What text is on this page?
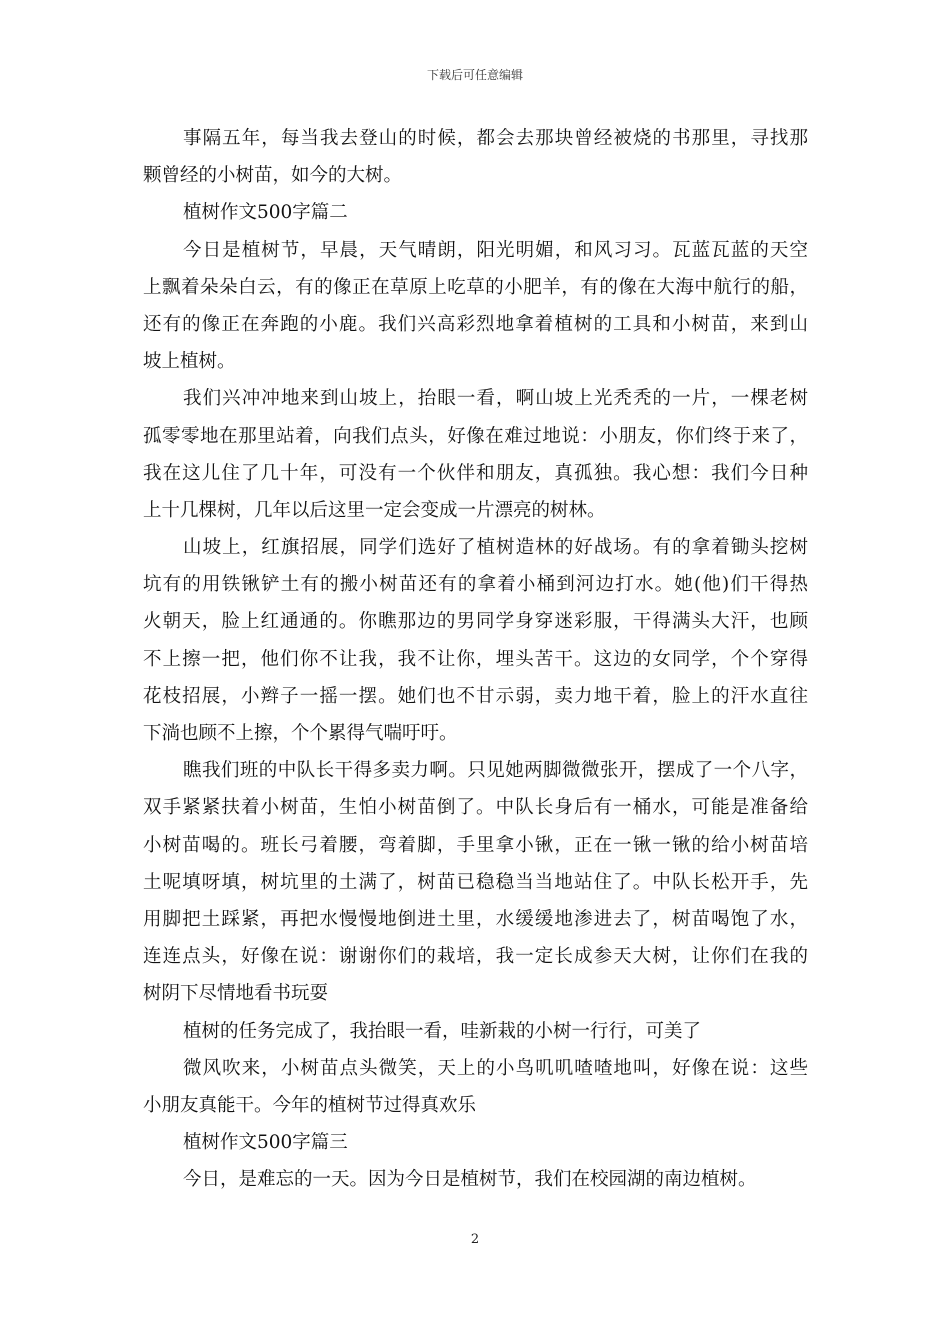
下载后可任意编辑
事隔五年，每当我去登山的时候，都会去那块曾经被烧的书那里，寻找那
颗曾经的小树苗，如今的大树。
植树作文500字篇二
今日是植树节，早晨，天气晴朗，阳光明媚，和风习习。瓦蓝瓦蓝的天空
上飘着朵朵白云，有的像正在草原上吃草的小肥羊，有的像在大海中航行的船，
还有的像正在奔跑的小鹿。我们兴高彩烈地拿着植树的工具和小树苗，来到山
坡上植树。
我们兴冲冲地来到山坡上，抬眼一看，啊山坡上光秃秃的一片，一棵老树
孤零零地在那里站着，向我们点头，好像在难过地说：小朋友，你们终于来了，
我在这儿住了几十年，可没有一个伙伴和朋友，真孤独。我心想：我们今日种
上十几棵树，几年以后这里一定会变成一片漂亮的树林。
山坡上，红旗招展，同学们选好了植树造林的好战场。有的拿着锄头挖树
坑有的用铁锹铲土有的搬小树苗还有的拿着小桶到河边打水。她(他)们干得热
火朝天，脸上红通通的。你瞧那边的男同学身穿迷彩服，干得满头大汗，也顾
不上擦一把，他们你不让我，我不让你，埋头苦干。这边的女同学，个个穿得
花枝招展，小辫子一摇一摆。她们也不甘示弱，卖力地干着，脸上的汗水直往
下淌也顾不上擦，个个累得气喘吁吁。
瞧我们班的中队长干得多卖力啊。只见她两脚微微张开，摆成了一个八字，
双手紧紧扶着小树苗，生怕小树苗倒了。中队长身后有一桶水，可能是准备给
小树苗喝的。班长弓着腰，弯着脚，手里拿小锹，正在一锹一锹的给小树苗培
土呢填呀填，树坑里的土满了，树苗已稳稳当当地站住了。中队长松开手，先
用脚把土踩紧，再把水慢慢地倒进土里，水缓缓地渗进去了，树苗喝饱了水，
连连点头，好像在说：谢谢你们的栽培，我一定长成参天大树，让你们在我的
树阴下尽情地看书玩耍
植树的任务完成了，我抬眼一看，哇新栽的小树一行行，可美了
微风吹来，小树苗点头微笑，天上的小鸟叽叽喳喳地叫，好像在说：这些
小朋友真能干。今年的植树节过得真欢乐
植树作文500字篇三
今日，是难忘的一天。因为今日是植树节，我们在校园湖的南边植树。
2
